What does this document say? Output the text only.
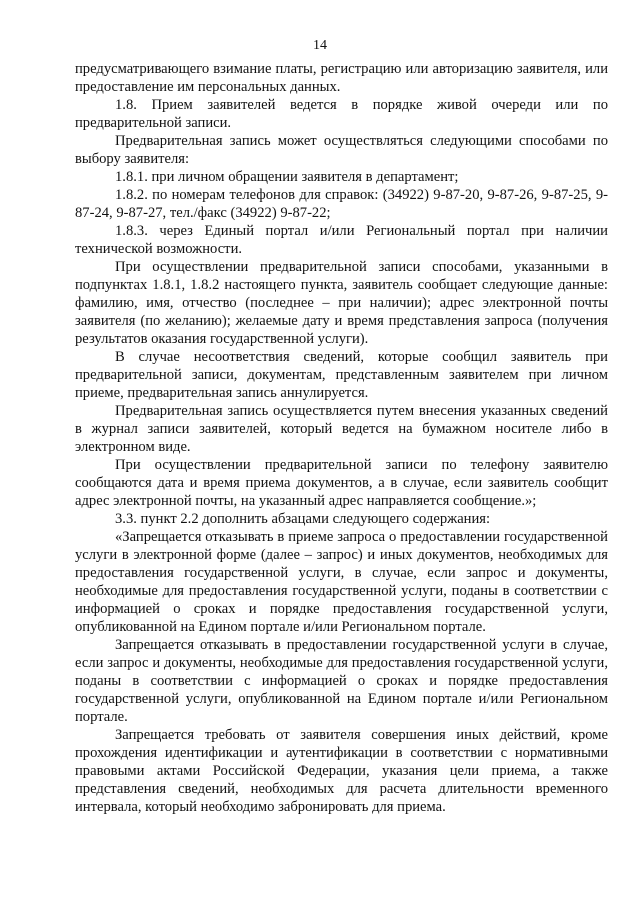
14

предусматривающего взимание платы, регистрацию или авторизацию заявителя, или предоставление им персональных данных.

1.8. Прием заявителей ведется в порядке живой очереди или по предварительной записи.

Предварительная запись может осуществляться следующими способами по выбору заявителя:

1.8.1. при личном обращении заявителя в департамент;

1.8.2. по номерам телефонов для справок: (34922) 9-87-20, 9-87-26, 9-87-25, 9-87-24, 9-87-27, тел./факс (34922) 9-87-22;

1.8.3. через Единый портал и/или Региональный портал при наличии технической возможности.

При осуществлении предварительной записи способами, указанными в подпунктах 1.8.1, 1.8.2 настоящего пункта, заявитель сообщает следующие данные: фамилию, имя, отчество (последнее – при наличии); адрес электронной почты заявителя (по желанию); желаемые дату и время представления запроса (получения результатов оказания государственной услуги).

В случае несоответствия сведений, которые сообщил заявитель при предварительной записи, документам, представленным заявителем при личном приеме, предварительная запись аннулируется.

Предварительная запись осуществляется путем внесения указанных сведений в журнал записи заявителей, который ведется на бумажном носителе либо в электронном виде.

При осуществлении предварительной записи по телефону заявителю сообщаются дата и время приема документов, а в случае, если заявитель сообщит адрес электронной почты, на указанный адрес направляется сообщение.»;

3.3. пункт 2.2 дополнить абзацами следующего содержания:

«Запрещается отказывать в приеме запроса о предоставлении государственной услуги в электронной форме (далее – запрос) и иных документов, необходимых для предоставления государственной услуги, в случае, если запрос и документы, необходимые для предоставления государственной услуги, поданы в соответствии с информацией о сроках и порядке предоставления государственной услуги, опубликованной на Едином портале и/или Региональном портале.

Запрещается отказывать в предоставлении государственной услуги в случае, если запрос и документы, необходимые для предоставления государственной услуги, поданы в соответствии с информацией о сроках и порядке предоставления государственной услуги, опубликованной на Едином портале и/или Региональном портале.

Запрещается требовать от заявителя совершения иных действий, кроме прохождения идентификации и аутентификации в соответствии с нормативными правовыми актами Российской Федерации, указания цели приема, а также представления сведений, необходимых для расчета длительности временного интервала, который необходимо забронировать для приема.
